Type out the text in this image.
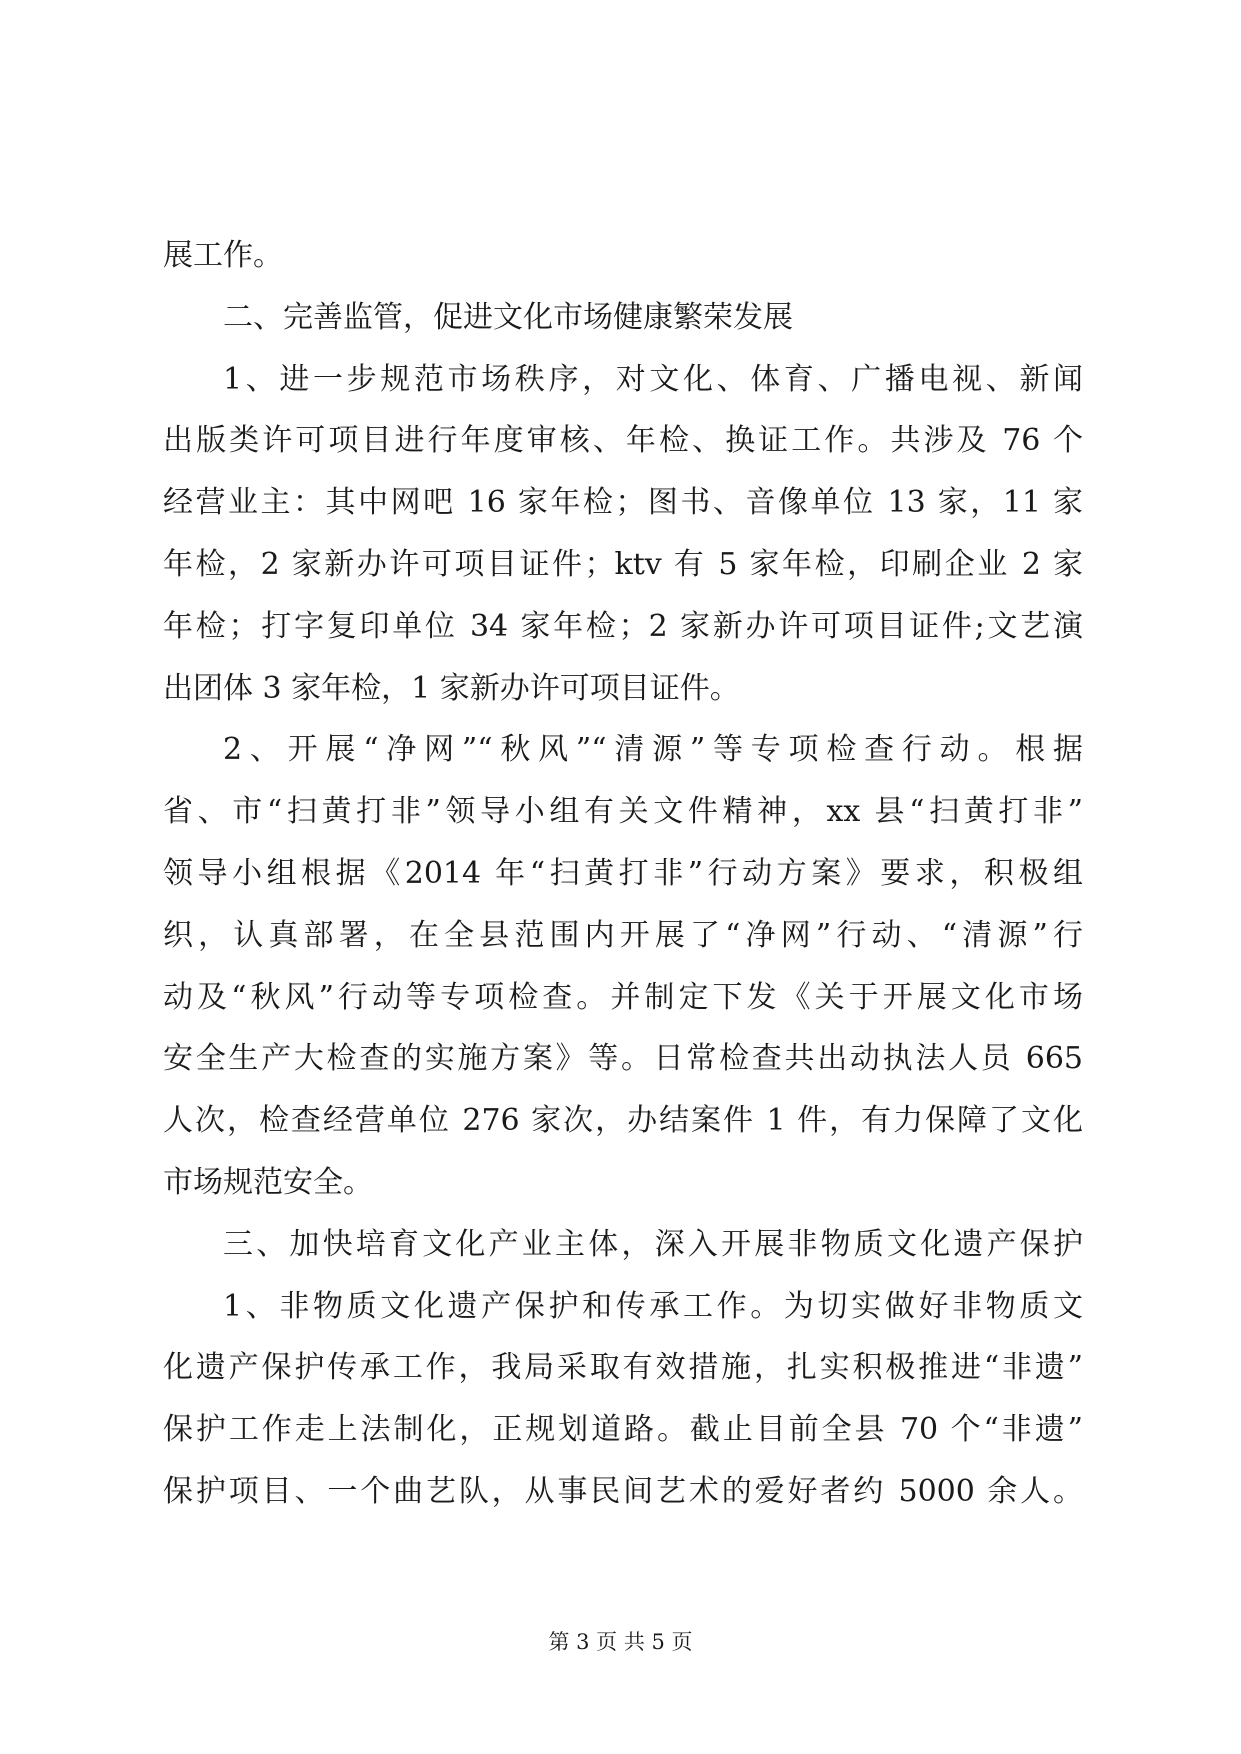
展工作。
二、完善监管，促进文化市场健康繁荣发展
1、进一步规范市场秩序，对文化、体育、广播电视、新闻
出版类许可项目进行年度审核、年检、换证工作。共涉及 76 个
经营业主：其中网吧 16 家年检；图书、音像单位 13 家，11 家
年检，2 家新办许可项目证件；ktv 有 5 家年检，印刷企业 2 家
年检；打字复印单位 34 家年检；2 家新办许可项目证件;文艺演
出团体 3 家年检，1 家新办许可项目证件。
2、开展“净网”“秋风”“清源”等专项检查行动。根据
省、市“扫黄打非”领导小组有关文件精神，xx 县“扫黄打非”
领导小组根据《2014 年“扫黄打非”行动方案》要求，积极组
织，认真部署，在全县范围内开展了“净网”行动、“清源”行
动及“秋风”行动等专项检查。并制定下发《关于开展文化市场
安全生产大检查的实施方案》等。日常检查共出动执法人员 665
人次，检查经营单位 276 家次，办结案件 1 件，有力保障了文化
市场规范安全。
三、加快培育文化产业主体，深入开展非物质文化遗产保护
1、非物质文化遗产保护和传承工作。为切实做好非物质文
化遗产保护传承工作，我局采取有效措施，扎实积极推进“非遗”
保护工作走上法制化，正规划道路。截止目前全县 70 个“非遗”
保护项目、一个曲艺队，从事民间艺术的爱好者约 5000 余人。
第 3 页 共 5 页
